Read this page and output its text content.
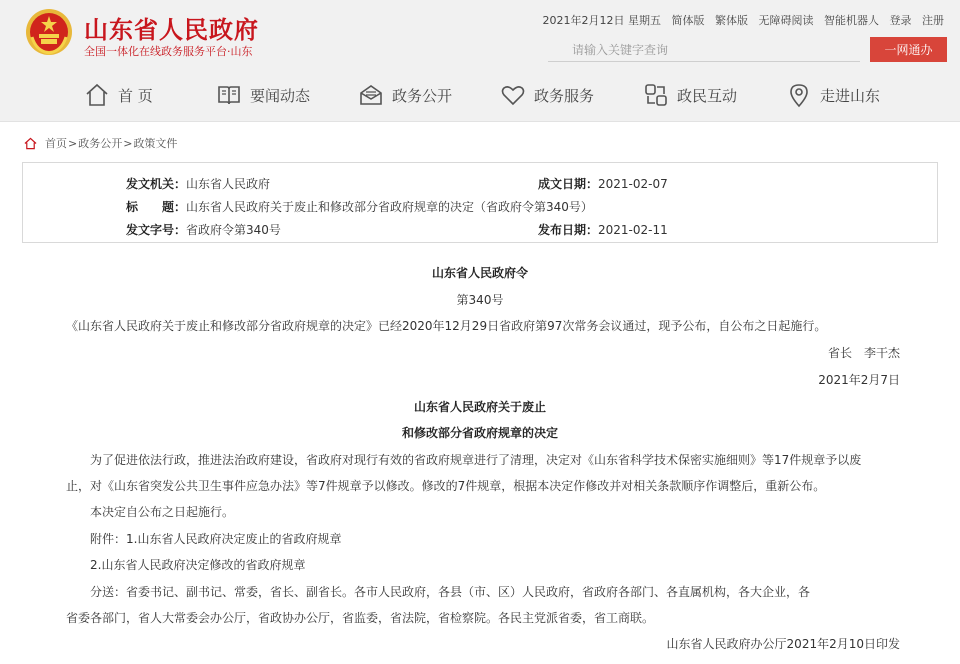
山东省人民政府
全国一体化在线政务服务平台·山东
2021年2月12日 星期五 简体版 繁体版 无障碍阅读 智能机器人 登录 注册
请输入关键字查询
一网通办
首 页	要闻动态	政务公开	政务服务	政民互动	走进山东
首页 > 政务公开 > 政策文件
发文机关：山东省人民政府	成文日期：2021-02-07
标　　题：山东省人民政府关于废止和修改部分省政府规章的决定（省政府令第340号）
发文字号：省政府令第340号	发布日期：2021-02-11
山东省人民政府令
第340号
《山东省人民政府关于废止和修改部分省政府规章的决定》已经2020年12月29日省政府第97次常务会议通过，现予公布，自公布之日起施行。
省长　李干杰
2021年2月7日
山东省人民政府关于废止
和修改部分省政府规章的决定
为了促进依法行政，推进法治政府建设，省政府对现行有效的省政府规章进行了清理，决定对《山东省科学技术保密实施细则》等17件规章予以废
止，对《山东省突发公共卫生事件应急办法》等7件规章予以修改。修改的7件规章，根据本决定作修改并对相关条款顺序作调整后，重新公布。
本决定自公布之日起施行。
附件：1.山东省人民政府决定废止的省政府规章
2.山东省人民政府决定修改的省政府规章
分送：省委书记、副书记、常委，省长、副省长。各市人民政府，各县（市、区）人民政府，省政府各部门、各直属机构，各大企业，各
省委各部门，省人大常委会办公厅，省政协办公厅，省监委，省法院，省检察院。各民主党派省委，省工商联。
山东省人民政府办公厅2021年2月10日印发
